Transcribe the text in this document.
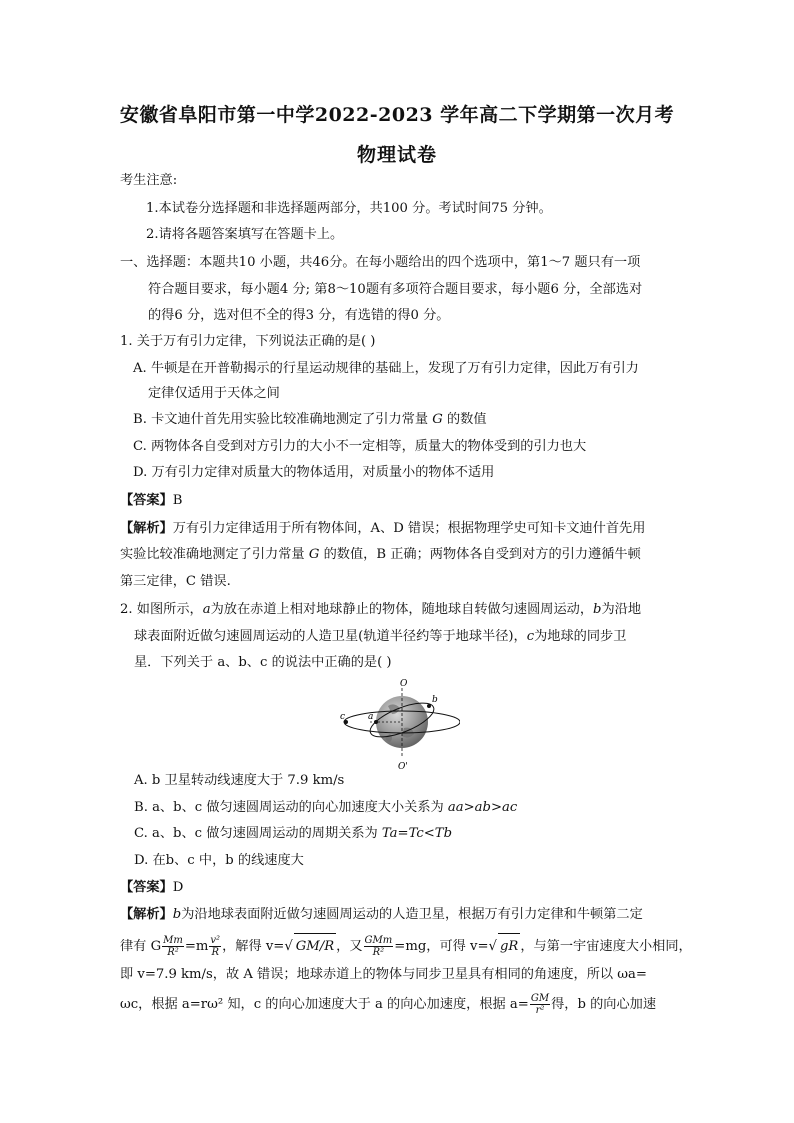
安徽省阜阳市第一中学2022-2023 学年高二下学期第一次月考
物理试卷
考生注意:
1.本试卷分选择题和非选择题两部分，共100 分。考试时间75 分钟。
2.请将各题答案填写在答题卡上。
一、选择题：本题共10 小题，共46分。在每小题给出的四个选项中，第1～7 题只有一项
符合题目要求，每小题4 分; 第8～10题有多项符合题目要求，每小题6 分，全部选对
的得6 分，选对但不全的得3 分，有选错的得0 分。
1. 关于万有引力定律，下列说法正确的是( )
A. 牛顿是在开普勒揭示的行星运动规律的基础上，发现了万有引力定律，因此万有引力
定律仅适用于天体之间
B. 卡文迪什首先用实验比较准确地测定了引力常量 G 的数值
C. 两物体各自受到对方引力的大小不一定相等，质量大的物体受到的引力也大
D. 万有引力定律对质量大的物体适用，对质量小的物体不适用
【答案】B
【解析】万有引力定律适用于所有物体间，A、D 错误；根据物理学史可知卡文迪什首先用
实验比较准确地测定了引力常量 G 的数值，B 正确；两物体各自受到对方的引力遵循牛顿
第三定律，C 错误.
2. 如图所示，a为放在赤道上相对地球静止的物体，随地球自转做匀速圆周运动，b为沿地
球表面附近做匀速圆周运动的人造卫星(轨道半径约等于地球半径)，c为地球的同步卫
星．下列关于 a、b、c 的说法中正确的是( )
O
b
c	a
O'
A. b 卫星转动线速度大于 7.9 km/s
B. a、b、c 做匀速圆周运动的向心加速度大小关系为 aa>ab>ac
C. a、b、c 做匀速圆周运动的周期关系为 Ta=Tc<Tb
D. 在b、c 中，b 的线速度大
【答案】D
【解析】b为沿地球表面附近做匀速圆周运动的人造卫星，根据万有引力定律和牛顿第二定
律有 G $\frac{Mm}{\text{R²}} =m \frac{\text{v²}}{R}$ ，解得 v=√ GM/R ，又 $\frac{\text{GMm}}{\text{R²}} =mg$，可得 v=√ gR ，与第一宇宙速度大小相同，
即 v=7.9 km/s，故 A 错误；地球赤道上的物体与同步卫星具有相同的角速度，所以 ωa=
ωc，根据 a=rω² 知，c 的向心加速度大于 a 的向心加速度，根据 $a= \frac{GM}{\text{r²}}$ 得，b 的向心加速
